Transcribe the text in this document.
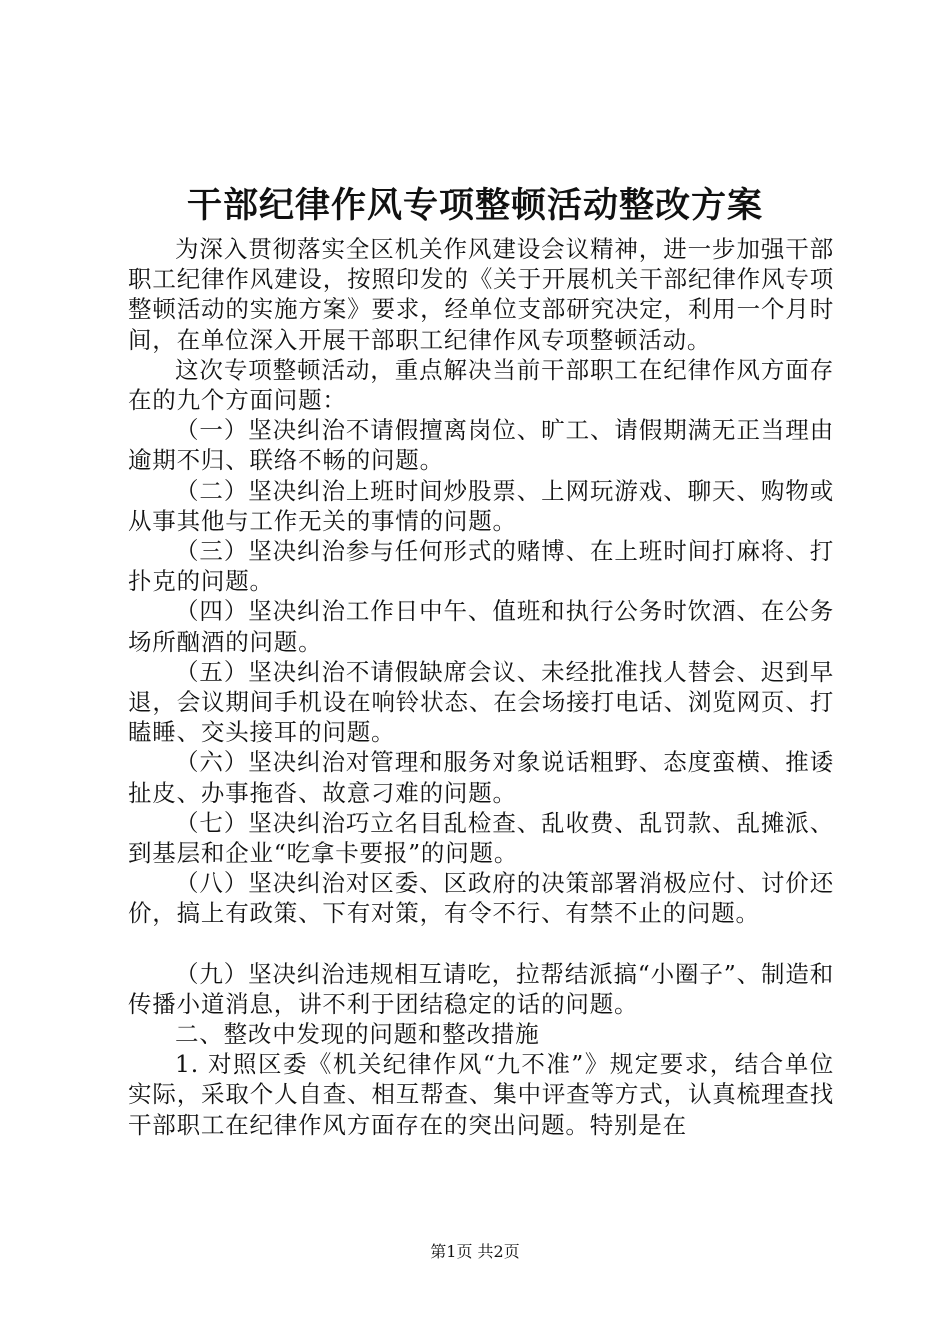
干部纪律作风专项整顿活动整改方案

为深入贯彻落实全区机关作风建设会议精神，进一步加强干部职工纪律作风建设，按照印发的《关于开展机关干部纪律作风专项整顿活动的实施方案》要求，经单位支部研究决定，利用一个月时间，在单位深入开展干部职工纪律作风专项整顿活动。

这次专项整顿活动，重点解决当前干部职工在纪律作风方面存在的九个方面问题：

（一）坚决纠治不请假擅离岗位、旷工、请假期满无正当理由逾期不归、联络不畅的问题。

（二）坚决纠治上班时间炒股票、上网玩游戏、聊天、购物或从事其他与工作无关的事情的问题。

（三）坚决纠治参与任何形式的赌博、在上班时间打麻将、打扑克的问题。

（四）坚决纠治工作日中午、值班和执行公务时饮酒、在公务场所酗酒的问题。

（五）坚决纠治不请假缺席会议、未经批准找人替会、迟到早退，会议期间手机设在响铃状态、在会场接打电话、浏览网页、打瞌睡、交头接耳的问题。

（六）坚决纠治对管理和服务对象说话粗野、态度蛮横、推诿扯皮、办事拖沓、故意刁难的问题。

（七）坚决纠治巧立名目乱检查、乱收费、乱罚款、乱摊派、到基层和企业“吃拿卡要报”的问题。

（八）坚决纠治对区委、区政府的决策部署消极应付、讨价还价，搞上有政策、下有对策，有令不行、有禁不止的问题。

（九）坚决纠治违规相互请吃，拉帮结派搞“小圈子”、制造和传播小道消息，讲不利于团结稳定的话的问题。

二、整改中发现的问题和整改措施

1. 对照区委《机关纪律作风“九不准”》规定要求，结合单位实际，采取个人自查、相互帮查、集中评查等方式，认真梳理查找干部职工在纪律作风方面存在的突出问题。特别是在

第1页 共2页
